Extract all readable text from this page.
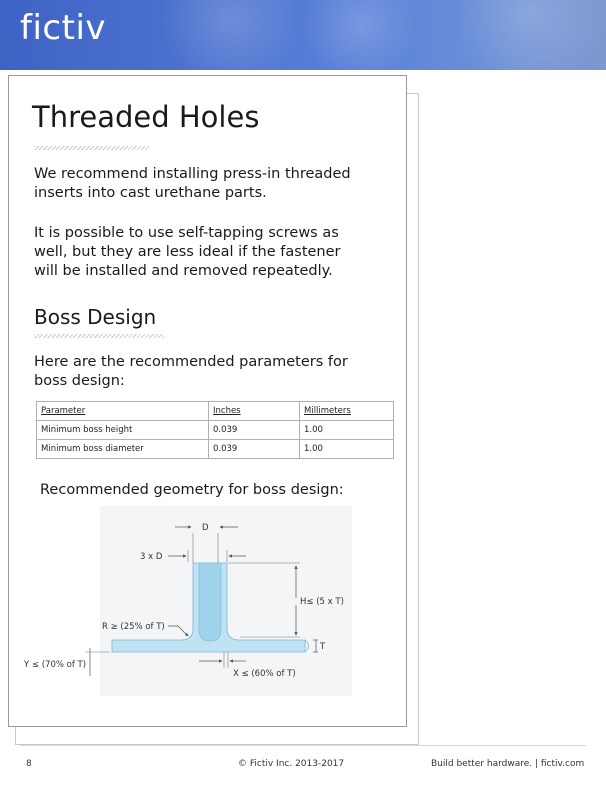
fictiv
Threaded Holes
We recommend installing press-in threaded inserts into cast urethane parts.
It is possible to use self-tapping screws as well, but they are less ideal if the fastener will be installed and removed repeatedly.
Boss Design
Here are the recommended parameters for boss design:
Parameter	Inches	Millimeters
Minimum boss height	0.039	1.00
Minimum boss diameter	0.039	1.00
Recommended geometry for boss design:
D
3 x D
H≤ (5 x T)
T
R ≥ (25% of T)
Y ≤ (70% of T)
X ≤ (60% of T)
8	© Fictiv Inc. 2013-2017	Build better hardware. | fictiv.com
